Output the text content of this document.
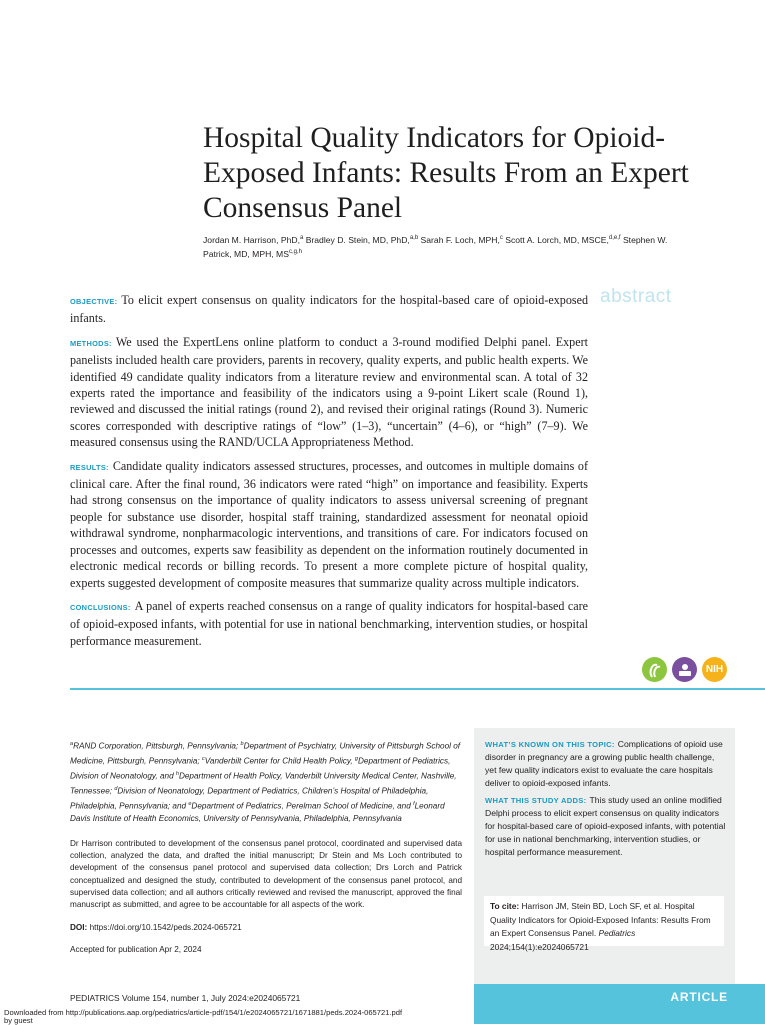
Hospital Quality Indicators for Opioid-Exposed Infants: Results From an Expert Consensus Panel
Jordan M. Harrison, PhD,$^a$ Bradley D. Stein, MD, PhD,$^{a,b}$ Sarah F. Loch, MPH,$^c$ Scott A. Lorch, MD, MSCE,$^{d,e,f}$ Stephen W. Patrick, MD, MPH, MS$^{c,g,h}$
abstract

OBJECTIVE: To elicit expert consensus on quality indicators for the hospital-based care of opioid-exposed infants.

METHODS: We used the ExpertLens online platform to conduct a 3-round modified Delphi panel. Expert panelists included health care providers, parents in recovery, quality experts, and public health experts. We identified 49 candidate quality indicators from a literature review and environmental scan. A total of 32 experts rated the importance and feasibility of the indicators using a 9-point Likert scale (Round 1), reviewed and discussed the initial ratings (round 2), and revised their original ratings (Round 3). Numeric scores corresponded with descriptive ratings of “low” (1–3), “uncertain” (4–6), or “high” (7–9). We measured consensus using the RAND/UCLA Appropriateness Method.

RESULTS: Candidate quality indicators assessed structures, processes, and outcomes in multiple domains of clinical care. After the final round, 36 indicators were rated “high” on importance and feasibility. Experts had strong consensus on the importance of quality indicators to assess universal screening of pregnant people for substance use disorder, hospital staff training, standardized assessment for neonatal opioid withdrawal syndrome, nonpharmacologic interventions, and transitions of care. For indicators focused on processes and outcomes, experts saw feasibility as dependent on the information routinely documented in electronic medical records or billing records. To present a more complete picture of hospital quality, experts suggested development of composite measures that summarize quality across multiple indicators.

CONCLUSIONS: A panel of experts reached consensus on a range of quality indicators for hospital-based care of opioid-exposed infants, with potential for use in national benchmarking, intervention studies, or hospital performance measurement.

NIH

$^a$RAND Corporation, Pittsburgh, Pennsylvania; $^b$Department of Psychiatry, University of Pittsburgh School of Medicine, Pittsburgh, Pennsylvania; $^c$Vanderbilt Center for Child Health Policy, $^g$Department of Pediatrics, Division of Neonatology, and $^h$Department of Health Policy, Vanderbilt University Medical Center, Nashville, Tennessee; $^d$Division of Neonatology, Department of Pediatrics, Children’s Hospital of Philadelphia, Philadelphia, Pennsylvania; and $^e$Department of Pediatrics, Perelman School of Medicine, and $^f$Leonard Davis Institute of Health Economics, University of Pennsylvania, Philadelphia, Pennsylvania

Dr Harrison contributed to development of the consensus panel protocol, coordinated and supervised data collection, analyzed the data, and drafted the initial manuscript; Dr Stein and Ms Loch contributed to development of the consensus panel protocol and supervised data collection; Drs Lorch and Patrick conceptualized and designed the study, contributed to development of the consensus panel protocol, and supervised data collection; and all authors critically reviewed and revised the manuscript, approved the final manuscript as submitted, and agree to be accountable for all aspects of the work.

DOI: https://doi.org/10.1542/peds.2024-065721

Accepted for publication Apr 2, 2024

WHAT’S KNOWN ON THIS TOPIC: Complications of opioid use disorder in pregnancy are a growing public health challenge, yet few quality indicators exist to evaluate the care hospitals deliver to opioid-exposed infants.

WHAT THIS STUDY ADDS: This study used an online modified Delphi process to elicit expert consensus on quality indicators for hospital-based care of opioid-exposed infants, with potential for use in national benchmarking, intervention studies, or hospital performance measurement.

To cite: Harrison JM, Stein BD, Loch SF, et al. Hospital Quality Indicators for Opioid-Exposed Infants: Results From an Expert Consensus Panel. Pediatrics 2024;154(1):e2024065721
PEDIATRICS Volume 154, number 1, July 2024:e2024065721	ARTICLE
Downloaded from http://publications.aap.org/pediatrics/article-pdf/154/1/e2024065721/1671881/peds.2024-065721.pdf
by guest
